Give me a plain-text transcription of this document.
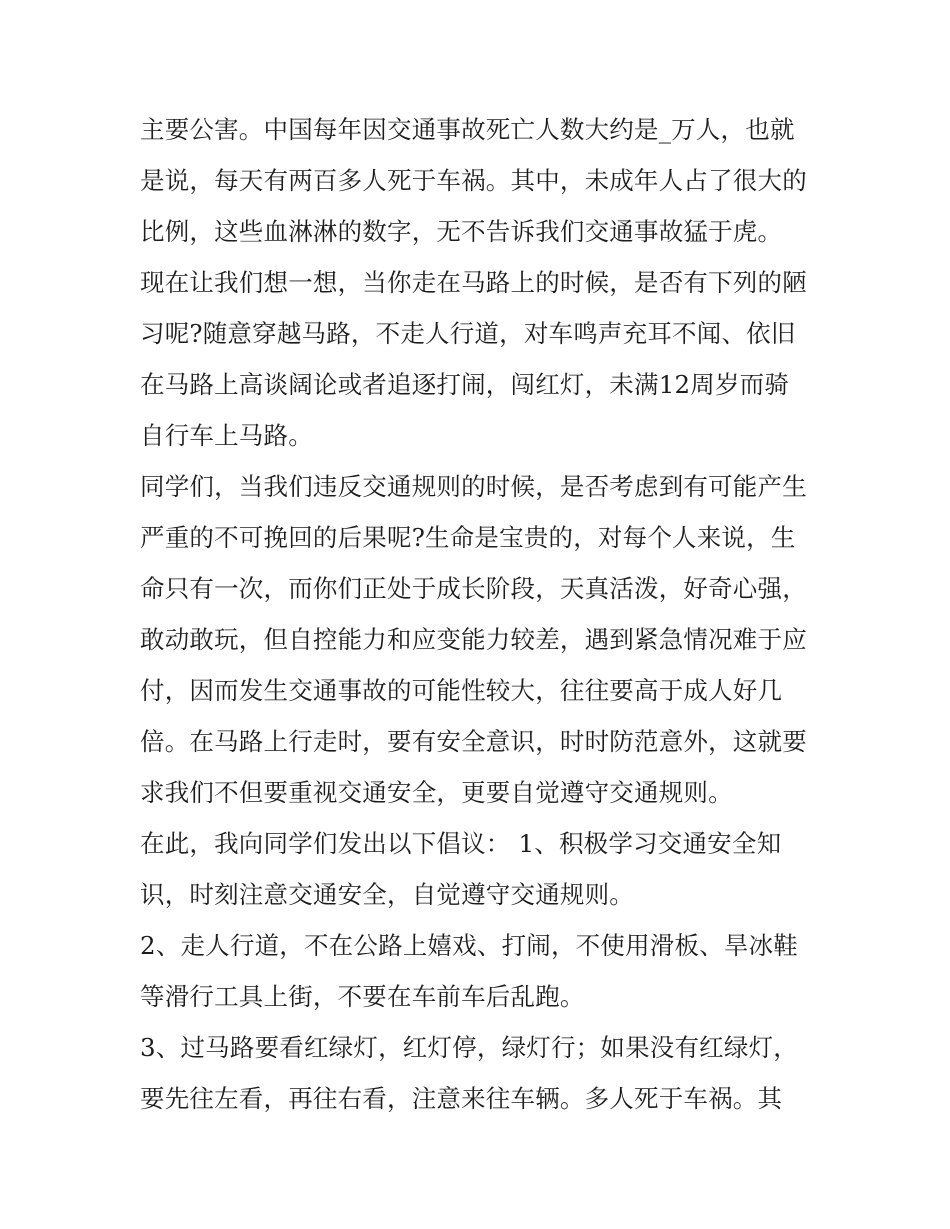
主要公害。中国每年因交通事故死亡人数大约是_万人，也就
是说，每天有两百多人死于车祸。其中，未成年人占了很大的
比例，这些血淋淋的数字，无不告诉我们交通事故猛于虎。
现在让我们想一想，当你走在马路上的时候，是否有下列的陋
习呢?随意穿越马路，不走人行道，对车鸣声充耳不闻、依旧
在马路上高谈阔论或者追逐打闹，闯红灯，未满12周岁而骑
自行车上马路。
同学们，当我们违反交通规则的时候，是否考虑到有可能产生
严重的不可挽回的后果呢?生命是宝贵的，对每个人来说，生
命只有一次，而你们正处于成长阶段，天真活泼，好奇心强，
敢动敢玩，但自控能力和应变能力较差，遇到紧急情况难于应
付，因而发生交通事故的可能性较大，往往要高于成人好几
倍。在马路上行走时，要有安全意识，时时防范意外，这就要
求我们不但要重视交通安全，更要自觉遵守交通规则。
在此，我向同学们发出以下倡议： 1、积极学习交通安全知
识，时刻注意交通安全，自觉遵守交通规则。
2、走人行道，不在公路上嬉戏、打闹，不使用滑板、旱冰鞋
等滑行工具上街，不要在车前车后乱跑。
3、过马路要看红绿灯，红灯停，绿灯行；如果没有红绿灯，
要先往左看，再往右看，注意来往车辆。多人死于车祸。其
